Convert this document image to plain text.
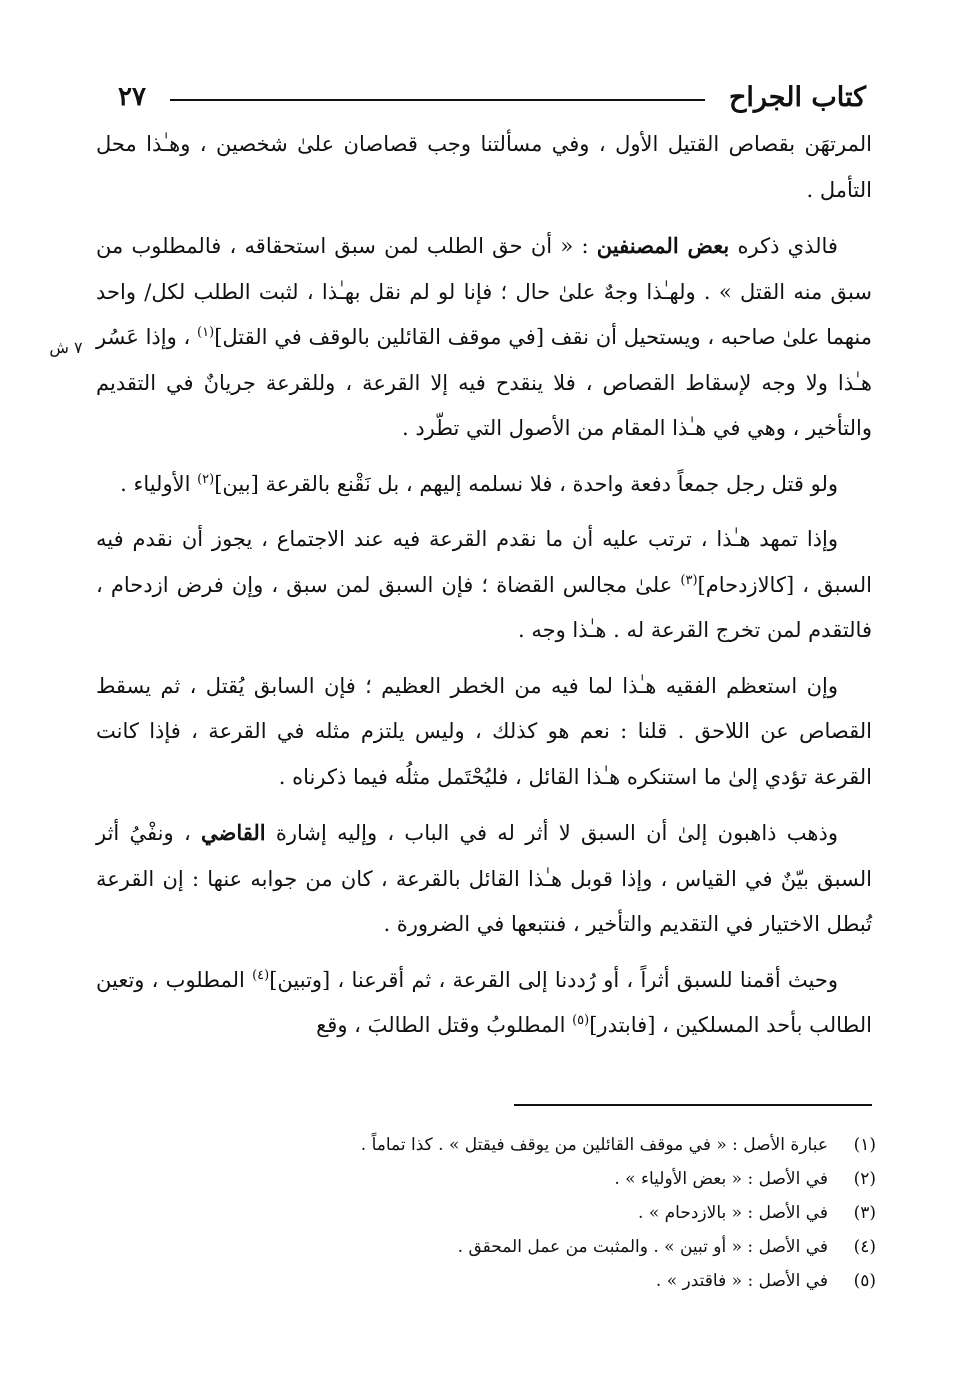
كتاب الجراح
٢٧
٧ ش

المرتهَن بقصاص القتيل الأول ، وفي مسألتنا وجب قصاصان علىٰ شخصين ، وهـٰذا محل التأمل .

فالذي ذكره بعض المصنفين : « أن حق الطلب لمن سبق استحقاقه ، فالمطلوب من سبق منه القتل » . ولهـٰذا وجهٌ علىٰ حال ؛ فإنا لو لم نقل بهـٰذا ، لثبت الطلب لكل/ واحد منهما علىٰ صاحبه ، ويستحيل أن نقف [في موقف القائلين بالوقف في القتل]$^{(١)}$ ، وإذا عَسُر هـٰذا ولا وجه لإسقاط القصاص ، فلا ينقدح فيه إلا القرعة ، وللقرعة جريانٌ في التقديم والتأخير ، وهي في هـٰذا المقام من الأصول التي تطّرد .

ولو قتل رجل جمعاً دفعة واحدة ، فلا نسلمه إليهم ، بل نَقْنع بالقرعة [بين]$^{(٢)}$ الأولياء .

وإذا تمهد هـٰذا ، ترتب عليه أن ما نقدم القرعة فيه عند الاجتماع ، يجوز أن نقدم فيه السبق ، [كالازدحام]$^{(٣)}$ علىٰ مجالس القضاة ؛ فإن السبق لمن سبق ، وإن فرض ازدحام ، فالتقدم لمن تخرج القرعة له . هـٰذا وجه .

وإن استعظم الفقيه هـٰذا لما فيه من الخطر العظيم ؛ فإن السابق يُقتل ، ثم يسقط القصاص عن اللاحق . قلنا : نعم هو كذلك ، وليس يلتزم مثله في القرعة ، فإذا كانت القرعة تؤدي إلىٰ ما استنكره هـٰذا القائل ، فليُحْتَمل مثلُه فيما ذكرناه .

وذهب ذاهبون إلىٰ أن السبق لا أثر له في الباب ، وإليه إشارة القاضي ، ونفْيُ أثر السبق بيّنٌ في القياس ، وإذا قوبل هـٰذا القائل بالقرعة ، كان من جوابه عنها : إن القرعة تُبطل الاختيار في التقديم والتأخير ، فنتبعها في الضرورة .

وحيث أقمنا للسبق أثراً ، أو رُددنا إلى القرعة ، ثم أقرعنا ، [وتبين]$^{(٤)}$ المطلوب ، وتعين الطالب بأحد المسلكين ، [فابتدر]$^{(٥)}$ المطلوبُ وقتل الطالبَ ، وقع

(١)
عبارة الأصل : « في موقف القائلين من يوقف فيقتل » . كذا تماماً .
(٢)
في الأصل : « بعض الأولياء » .
(٣)
في الأصل : « بالازدحام » .
(٤)
في الأصل : « أو تبين » . والمثبت من عمل المحقق .
(٥)
في الأصل : « فاقتدر » .
